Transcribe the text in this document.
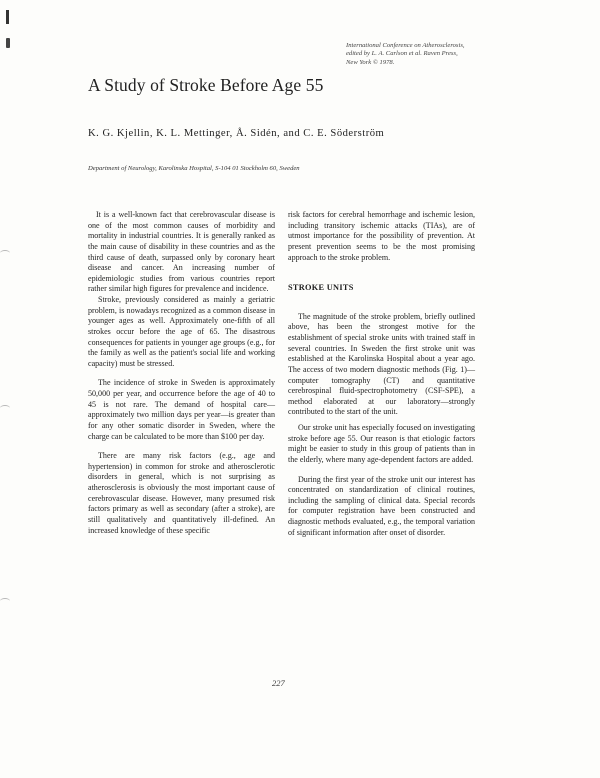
International Conference on Atherosclerosis,
edited by L. A. Carlson et al. Raven Press,
New York © 1978.
A Study of Stroke Before Age 55
K. G. Kjellin, K. L. Mettinger, Å. Sidén, and C. E. Söderström
Department of Neurology, Karolinska Hospital, S-104 01 Stockholm 60, Sweden

It is a well-known fact that cerebrovascular disease is one of the most common causes of morbidity and mortality in industrial countries. It is generally ranked as the main cause of disability in these countries and as the third cause of death, surpassed only by coronary heart disease and cancer. An increasing number of epidemiologic studies from various countries report rather similar high figures for prevalence and incidence.

Stroke, previously considered as mainly a geriatric problem, is nowadays recognized as a common disease in younger ages as well. Approximately one-fifth of all strokes occur before the age of 65. The disastrous consequences for patients in younger age groups (e.g., for the family as well as the patient's social life and working capacity) must be stressed.

The incidence of stroke in Sweden is approximately 50,000 per year, and occurrence before the age of 40 to 45 is not rare. The demand of hospital care—approximately two million days per year—is greater than for any other somatic disorder in Sweden, where the charge can be calculated to be more than $100 per day.

There are many risk factors (e.g., age and hypertension) in common for stroke and atherosclerotic disorders in general, which is not surprising as atherosclerosis is obviously the most important cause of cerebrovascular disease. However, many presumed risk factors primary as well as secondary (after a stroke), are still qualitatively and quantitatively ill-defined. An increased knowledge of these specific

risk factors for cerebral hemorrhage and ischemic lesion, including transitory ischemic attacks (TIAs), are of utmost importance for the possibility of prevention. At present prevention seems to be the most promising approach to the stroke problem.

STROKE UNITS

The magnitude of the stroke problem, briefly outlined above, has been the strongest motive for the establishment of special stroke units with trained staff in several countries. In Sweden the first stroke unit was established at the Karolinska Hospital about a year ago. The access of two modern diagnostic methods (Fig. 1)—computer tomography (CT) and quantitative cerebrospinal fluid-spectrophotometry (CSF-SPE), a method elaborated at our laboratory—strongly contributed to the start of the unit.

Our stroke unit has especially focused on investigating stroke before age 55. Our reason is that etiologic factors might be easier to study in this group of patients than in the elderly, where many age-dependent factors are added.

During the first year of the stroke unit our interest has concentrated on standardization of clinical routines, including the sampling of clinical data. Special records for computer registration have been constructed and diagnostic methods evaluated, e.g., the temporal variation of significant information after onset of disorder.

227
